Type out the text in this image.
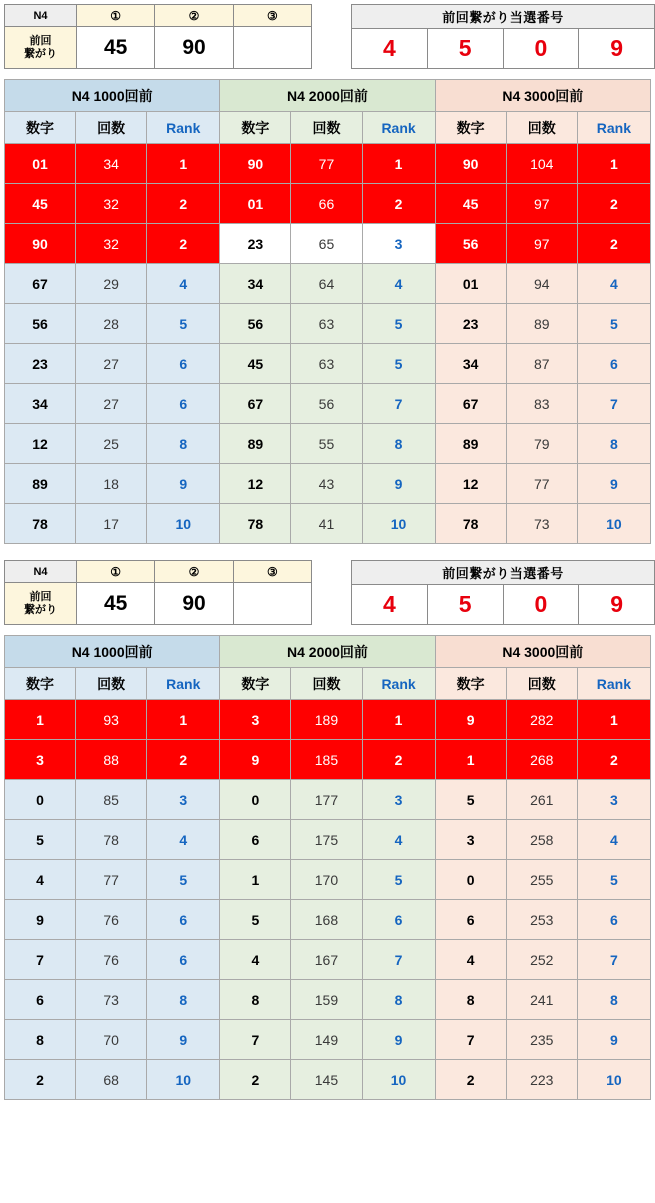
N4	①	②	③
前回
繋がり	45	90	
前回繋がり当選番号
4	5	0	9
N4 1000回前			N4 2000回前			N4 3000回前		
数字	回数	Rank	数字	回数	Rank	数字	回数	Rank
01	34	1	90	77	1	90	104	1
45	32	2	01	66	2	45	97	2
90	32	2	23	65	3	56	97	2
67	29	4	34	64	4	01	94	4
56	28	5	56	63	5	23	89	5
23	27	6	45	63	5	34	87	6
34	27	6	67	56	7	67	83	7
12	25	8	89	55	8	89	79	8
89	18	9	12	43	9	12	77	9
78	17	10	78	41	10	78	73	10
N4	①	②	③
前回
繋がり	45	90	
前回繋がり当選番号
4	5	0	9
N4 1000回前			N4 2000回前			N4 3000回前		
数字	回数	Rank	数字	回数	Rank	数字	回数	Rank
1	93	1	3	189	1	9	282	1
3	88	2	9	185	2	1	268	2
0	85	3	0	177	3	5	261	3
5	78	4	6	175	4	3	258	4
4	77	5	1	170	5	0	255	5
9	76	6	5	168	6	6	253	6
7	76	6	4	167	7	4	252	7
6	73	8	8	159	8	8	241	8
8	70	9	7	149	9	7	235	9
2	68	10	2	145	10	2	223	10
